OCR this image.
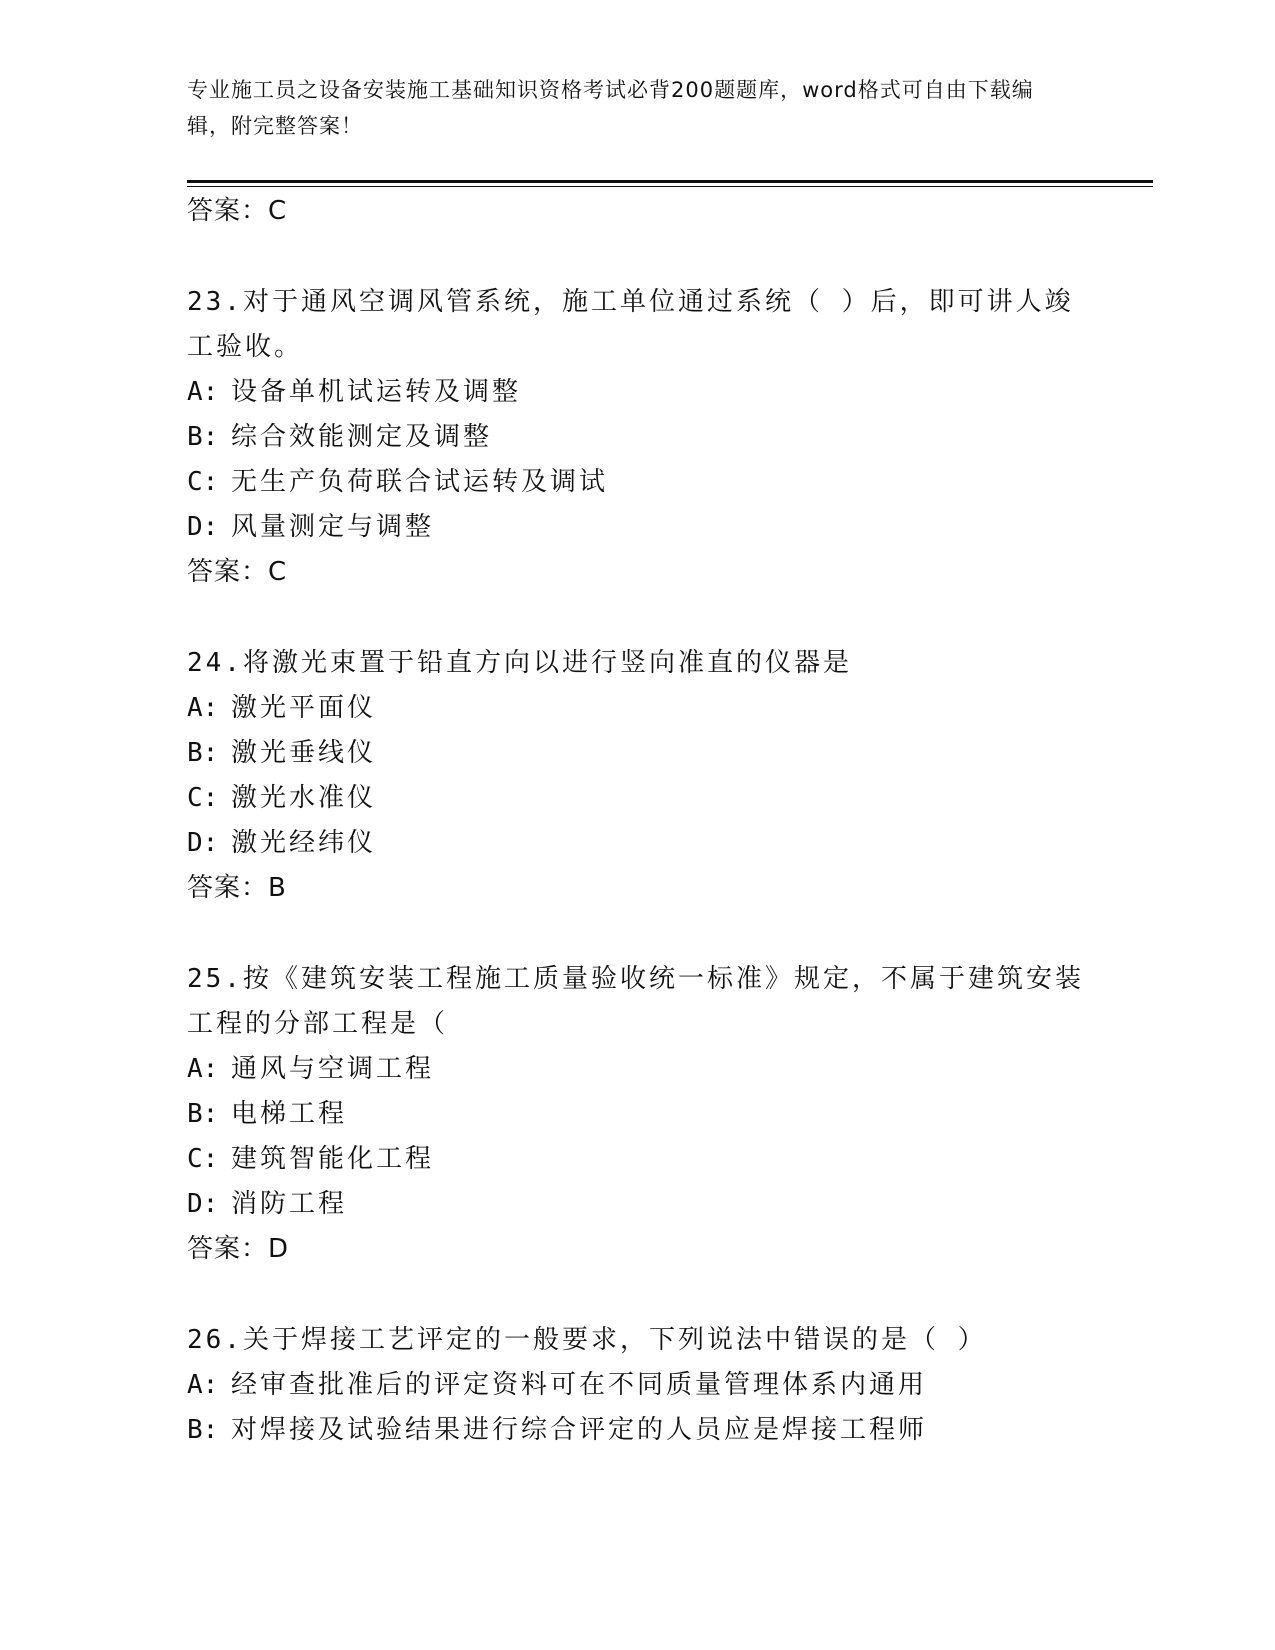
专业施工员之设备安装施工基础知识资格考试必背200题题库，word格式可自由下载编辑，附完整答案！
答案：C
23.对于通风空调风管系统，施工单位通过系统（ ）后，即可讲人竣工验收。
A: 设备单机试运转及调整
B: 综合效能测定及调整
C: 无生产负荷联合试运转及调试
D: 风量测定与调整
答案：C
24.将激光束置于铅直方向以进行竖向准直的仪器是
A: 激光平面仪
B: 激光垂线仪
C: 激光水准仪
D: 激光经纬仪
答案：B
25.按《建筑安装工程施工质量验收统一标准》规定，不属于建筑安装工程的分部工程是（
A: 通风与空调工程
B: 电梯工程
C: 建筑智能化工程
D: 消防工程
答案：D
26.关于焊接工艺评定的一般要求，下列说法中错误的是（ ）
A: 经审查批准后的评定资料可在不同质量管理体系内通用
B: 对焊接及试验结果进行综合评定的人员应是焊接工程师
